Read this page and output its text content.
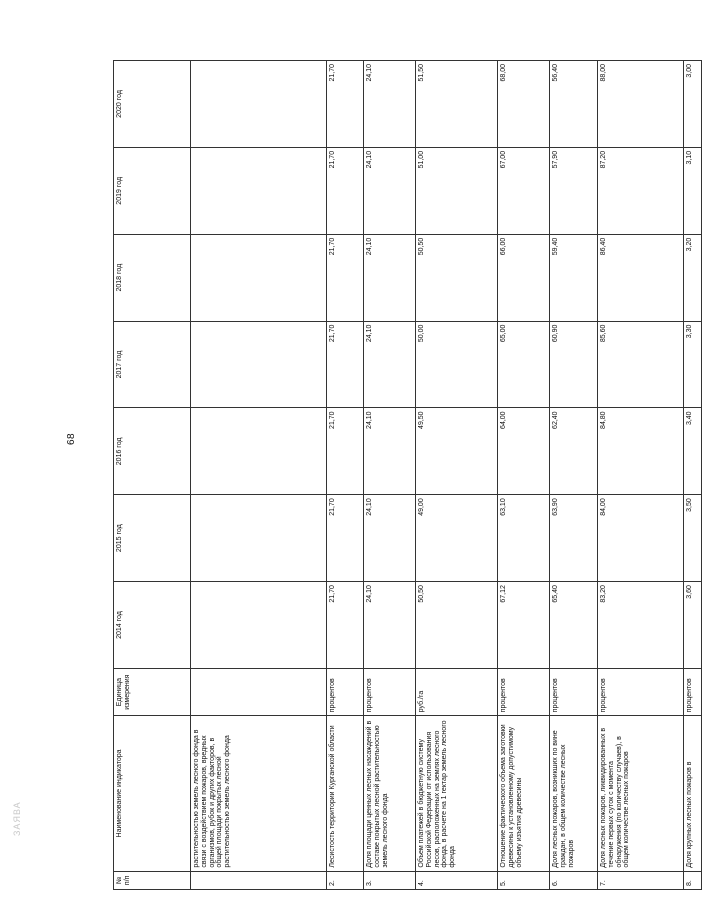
68
ЗАЯВА
№ п/п	Наименование индикатора	Единица измерения	2014 год	2015 год	2016 год	2017 год	2018 год	2019 год	2020 год
	растительностью земель лесного фонда в связи с воздействием пожаров, вредных организмов, рубок и других факторов, в общей площади покрытых лесной растительностью земель лесного фонда								
2.	Лесистость территории Курганской области	процентов	21,70	21,70	21,70	21,70	21,70	21,70	21,70
3.	Доля площади ценных лесных насаждений в составе покрытых лесной растительностью земель лесного фонда	процентов	24,10	24,10	24,10	24,10	24,10	24,10	24,10
4.	Объем платежей в бюджетную систему Российской Федерации от использования лесов, расположенных на землях лесного фонда, в расчете на 1 гектар земель лесного фонда	руб./га	50,50	49,00	49,50	50,00	50,50	51,00	51,50
5.	Отношение фактического объема заготовки древесины к установленному допустимому объему изъятия древесины	процентов	67,12	63,10	64,00	65,00	66,00	67,00	68,00
6.	Доля лесных пожаров, возникших по вине граждан, в общем количестве лесных пожаров	процентов	65,40	63,90	62,40	60,90	59,40	57,90	56,40
7.	Доля лесных пожаров, ликвидированных в течение первых суток с момента обнаружения (по количеству случаев), в общем количестве лесных пожаров	процентов	83,20	84,00	84,80	85,60	86,40	87,20	88,00
8.	Доля крупных лесных пожаров в	процентов	3,60	3,50	3,40	3,30	3,20	3,10	3,00
